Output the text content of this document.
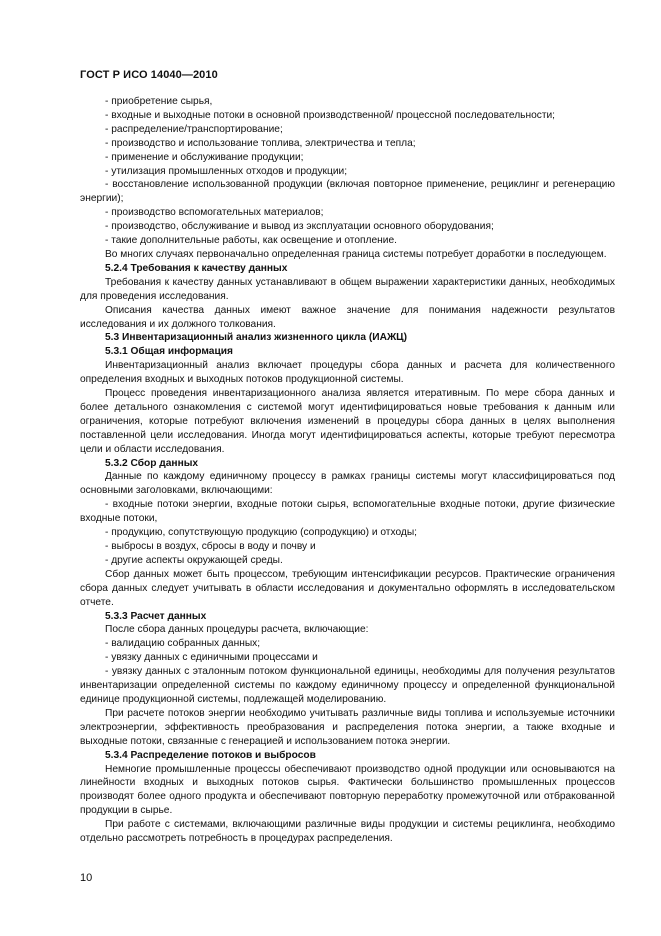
ГОСТ Р ИСО 14040—2010

- приобретение сырья,

- входные и выходные потоки в основной производственной/ процессной последовательности;

- распределение/транспортирование;

- производство и использование топлива, электричества и тепла;

- применение и обслуживание продукции;

- утилизация промышленных отходов и продукции;

- восстановление использованной продукции (включая повторное применение, рециклинг и регенерацию энергии);

- производство вспомогательных материалов;

- производство, обслуживание и вывод из эксплуатации основного оборудования;

- такие дополнительные работы, как освещение и отопление.

Во многих случаях первоначально определенная граница системы потребует доработки в последующем.

5.2.4 Требования к качеству данных

Требования к качеству данных устанавливают в общем выражении характеристики данных, необходимых для проведения исследования.

Описания качества данных имеют важное значение для понимания надежности результатов исследования и их должного толкования.

5.3 Инвентаризационный анализ жизненного цикла (ИАЖЦ)

5.3.1 Общая информация

Инвентаризационный анализ включает процедуры сбора данных и расчета для количественного определения входных и выходных потоков продукционной системы.

Процесс проведения инвентаризационного анализа является итеративным. По мере сбора данных и более детального ознакомления с системой могут идентифицироваться новые требования к данным или ограничения, которые потребуют включения изменений в процедуры сбора данных в целях выполнения поставленной цели исследования. Иногда могут идентифицироваться аспекты, которые требуют пересмотра цели и области исследования.

5.3.2 Сбор данных

Данные по каждому единичному процессу в рамках границы системы могут классифицироваться под основными заголовками, включающими:

- входные потоки энергии, входные потоки сырья, вспомогательные входные потоки, другие физические входные потоки,

- продукцию, сопутствующую продукцию (сопродукцию) и отходы;

- выбросы в воздух, сбросы в воду и почву и

- другие аспекты окружающей среды.

Сбор данных может быть процессом, требующим интенсификации ресурсов. Практические ограничения сбора данных следует учитывать в области исследования и документально оформлять в исследовательском отчете.

5.3.3 Расчет данных

После сбора данных процедуры расчета, включающие:

- валидацию собранных данных;

- увязку данных с единичными процессами и

- увязку данных с эталонным потоком функциональной единицы, необходимы для получения результатов инвентаризации определенной системы по каждому единичному процессу и определенной функциональной единице продукционной системы, подлежащей моделированию.

При расчете потоков энергии необходимо учитывать различные виды топлива и используемые источники электроэнергии, эффективность преобразования и распределения потока энергии, а также входные и выходные потоки, связанные с генерацией и использованием потока энергии.

5.3.4 Распределение потоков и выбросов

Немногие промышленные процессы обеспечивают производство одной продукции или основываются на линейности входных и выходных потоков сырья. Фактически большинство промышленных процессов производят более одного продукта и обеспечивают повторную переработку промежуточной или отбракованной продукции в сырье.

При работе с системами, включающими различные виды продукции и системы рециклинга, необходимо отдельно рассмотреть потребность в процедурах распределения.

10
